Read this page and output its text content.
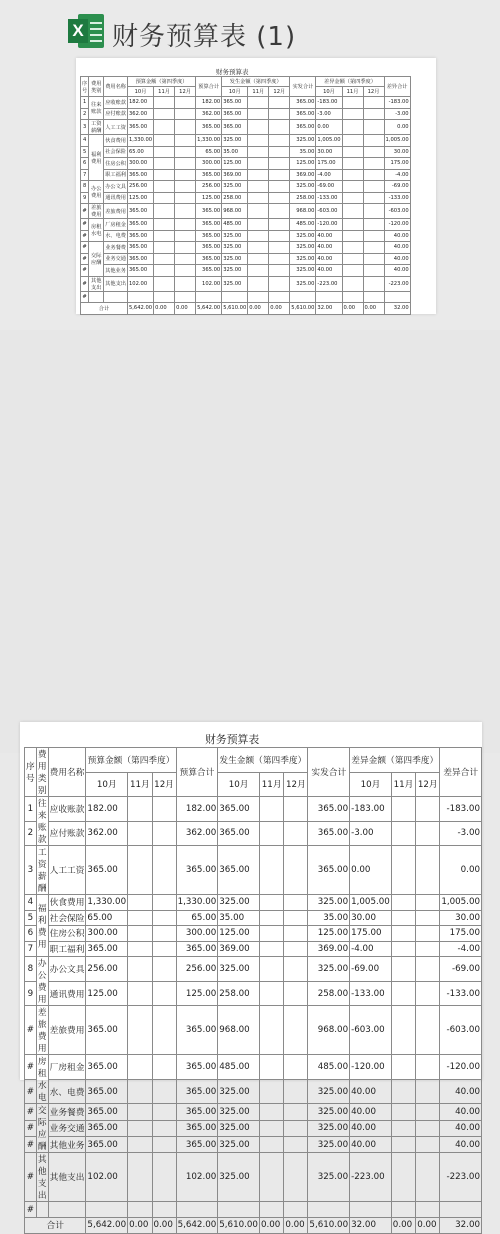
X 财务预算表 (1)
财务预算表														
序号	费用类别	费用名称	预算金额（第四季度）			预算合计	发生金额（第四季度）			实发合计	差异金额（第四季度）			差异合计
			10月	11月	12月		10月	11月	12月		10月	11月	12月	
1	往来账款	应收账款	182.00			182.00	365.00			365.00	-183.00			-183.00
2		应付账款	362.00			362.00	365.00			365.00	-3.00			-3.00
3	工资薪酬	人工工资	365.00			365.00	365.00			365.00	0.00			0.00
4	福利费用	伙食费用	1,330.00			1,330.00	325.00			325.00	1,005.00			1,005.00
5		社会保险	65.00			65.00	35.00			35.00	30.00			30.00
6		住房公积	300.00			300.00	125.00			125.00	175.00			175.00
7		职工福利	365.00			365.00	369.00			369.00	-4.00			-4.00
8	办公费用	办公文具	256.00			256.00	325.00			325.00	-69.00			-69.00
9		通讯费用	125.00			125.00	258.00			258.00	-133.00			-133.00
#	差旅费用	差旅费用	365.00			365.00	968.00			968.00	-603.00			-603.00
#	房租水电	厂房租金	365.00			365.00	485.00			485.00	-120.00			-120.00
#		水、电费	365.00			365.00	325.00			325.00	40.00			40.00
#	交际应酬	业务餐费	365.00			365.00	325.00			325.00	40.00			40.00
#		业务交通	365.00			365.00	325.00			325.00	40.00			40.00
#		其他业务	365.00			365.00	325.00			325.00	40.00			40.00
#	其他支出	其他支出	102.00			102.00	325.00			325.00	-223.00			-223.00
#														
合计			5,642.00	0.00	0.00	5,642.00	5,610.00	0.00	0.00	5,610.00	32.00	0.00	0.00	32.00
财务预算表														
序号	费用类别	费用名称	预算金额（第四季度）			预算合计	发生金额（第四季度）			实发合计	差异金额（第四季度）			差异合计
			10月	11月	12月		10月	11月	12月		10月	11月	12月	
1	往来账款	应收账款	182.00			182.00	365.00			365.00	-183.00			-183.00
2		应付账款	362.00			362.00	365.00			365.00	-3.00			-3.00
3	工资薪酬	人工工资	365.00			365.00	365.00			365.00	0.00			0.00
4	福利费用	伙食费用	1,330.00			1,330.00	325.00			325.00	1,005.00			1,005.00
5		社会保险	65.00			65.00	35.00			35.00	30.00			30.00
6		住房公积	300.00			300.00	125.00			125.00	175.00			175.00
7		职工福利	365.00			365.00	369.00			369.00	-4.00			-4.00
8	办公费用	办公文具	256.00			256.00	325.00			325.00	-69.00			-69.00
9		通讯费用	125.00			125.00	258.00			258.00	-133.00			-133.00
#	差旅费用	差旅费用	365.00			365.00	968.00			968.00	-603.00			-603.00
#	房租水电	厂房租金	365.00			365.00	485.00			485.00	-120.00			-120.00
#		水、电费	365.00			365.00	325.00			325.00	40.00			40.00
#	交际应酬	业务餐费	365.00			365.00	325.00			325.00	40.00			40.00
#		业务交通	365.00			365.00	325.00			325.00	40.00			40.00
#		其他业务	365.00			365.00	325.00			325.00	40.00			40.00
#	其他支出	其他支出	102.00			102.00	325.00			325.00	-223.00			-223.00
#														
合计			5,642.00	0.00	0.00	5,642.00	5,610.00	0.00	0.00	5,610.00	32.00	0.00	0.00	32.00
